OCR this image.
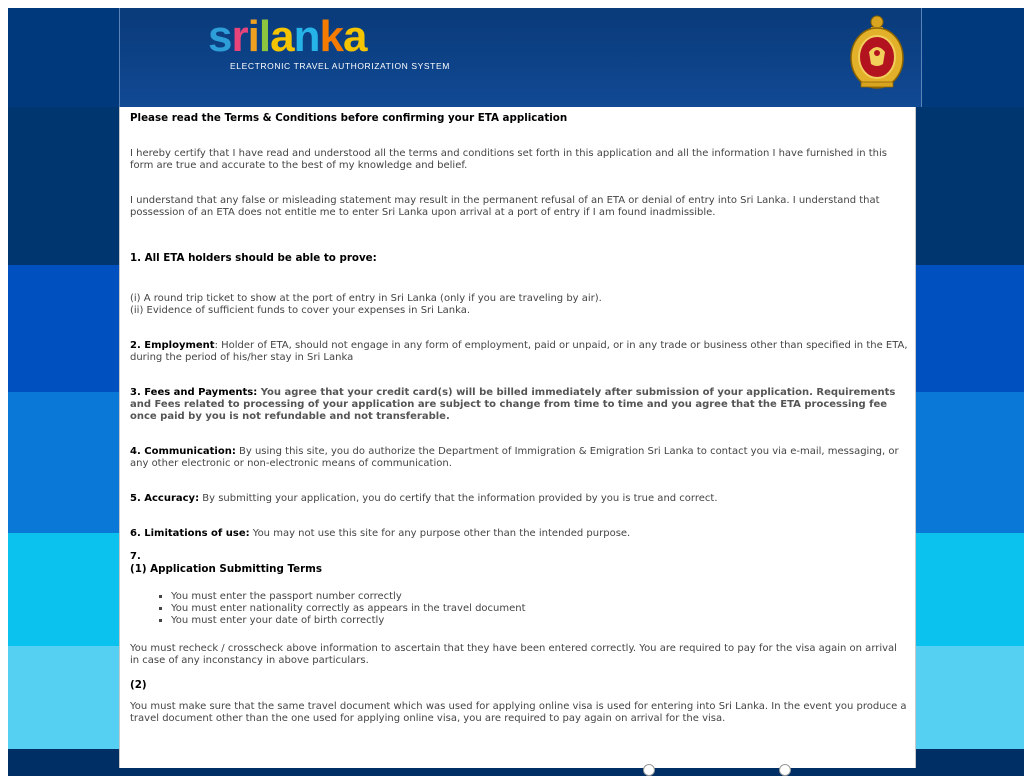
srilanka
ELECTRONIC TRAVEL AUTHORIZATION SYSTEM
Please read the Terms & Conditions before confirming your ETA application
I hereby certify that I have read and understood all the terms and conditions set forth in this application and all the information I have furnished in this form are true and accurate to the best of my knowledge and belief.
I understand that any false or misleading statement may result in the permanent refusal of an ETA or denial of entry into Sri Lanka. I understand that possession of an ETA does not entitle me to enter Sri Lanka upon arrival at a port of entry if I am found inadmissible.
1. All ETA holders should be able to prove:
(i) A round trip ticket to show at the port of entry in Sri Lanka (only if you are traveling by air).
(ii) Evidence of sufficient funds to cover your expenses in Sri Lanka.
2. Employment: Holder of ETA, should not engage in any form of employment, paid or unpaid, or in any trade or business other than specified in the ETA, during the period of his/her stay in Sri Lanka
3. Fees and Payments: You agree that your credit card(s) will be billed immediately after submission of your application. Requirements and Fees related to processing of your application are subject to change from time to time and you agree that the ETA processing fee once paid by you is not refundable and not transferable.
4. Communication: By using this site, you do authorize the Department of Immigration & Emigration Sri Lanka to contact you via e-mail, messaging, or any other electronic or non-electronic means of communication.
5. Accuracy: By submitting your application, you do certify that the information provided by you is true and correct.
6. Limitations of use: You may not use this site for any purpose other than the intended purpose.
7.
(1) Application Submitting Terms
▪ You must enter the passport number correctly
▪ You must enter nationality correctly as appears in the travel document
▪ You must enter your date of birth correctly
You must recheck / crosscheck above information to ascertain that they have been entered correctly. You are required to pay for the visa again on arrival in case of any inconstancy in above particulars.
(2)
You must make sure that the same travel document which was used for applying online visa is used for entering into Sri Lanka. In the event you produce a travel document other than the one used for applying online visa, you are required to pay again on arrival for the visa.
